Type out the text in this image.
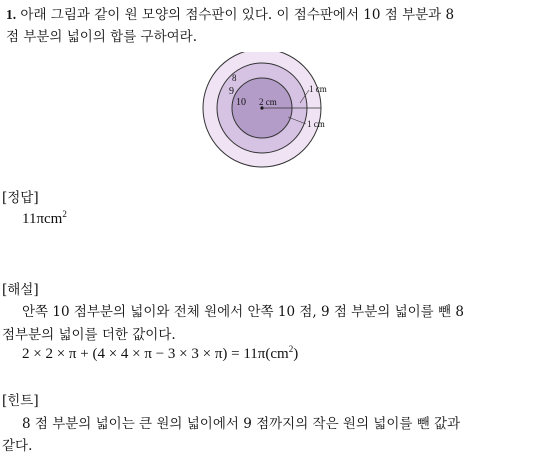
1. 아래 그림과 같이 원 모양의 점수판이 있다. 이 점수판에서 10 점 부분과 8
점 부분의 넓이의 합를 구하여라.
8
9
10 2 cm
1 cm
1 cm
[정답]
11πcm$^2$
[해설]
안쪽 10 점부분의 넓이와 전체 원에서 안쪽 10 점, 9 점 부분의 넓이를 뺀 8
점부분의 넓이를 더한 값이다.
$2 \times 2 \times \pi + (4 \times 4 \times \pi - 3 \times 3 \times \pi) = 11\pi(cm^2)$
[힌트]
8 점 부분의 넓이는 큰 원의 넓이에서 9 점까지의 작은 원의 넓이를 뺀 값과
같다.
